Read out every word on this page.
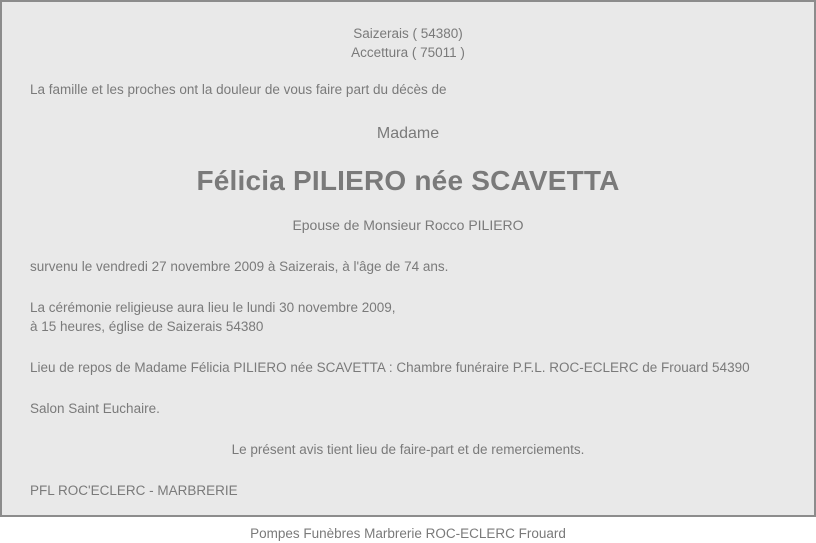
Saizerais ( 54380)
Accettura ( 75011 )
La famille et les proches ont la douleur de vous faire part du décès de
Madame
Félicia PILIERO née SCAVETTA
Epouse de Monsieur Rocco PILIERO
survenu le vendredi 27 novembre 2009 à Saizerais, à l'âge de 74 ans.
La cérémonie religieuse aura lieu le lundi 30 novembre 2009,
à 15 heures, église de Saizerais 54380
Lieu de repos de Madame Félicia PILIERO née SCAVETTA : Chambre funéraire P.F.L. ROC-ECLERC de Frouard 54390
Salon Saint Euchaire.
Le présent avis tient lieu de faire-part et de remerciements.
PFL ROC'ECLERC - MARBRERIE
Pompes Funèbres Marbrerie ROC-ECLERC Frouard
